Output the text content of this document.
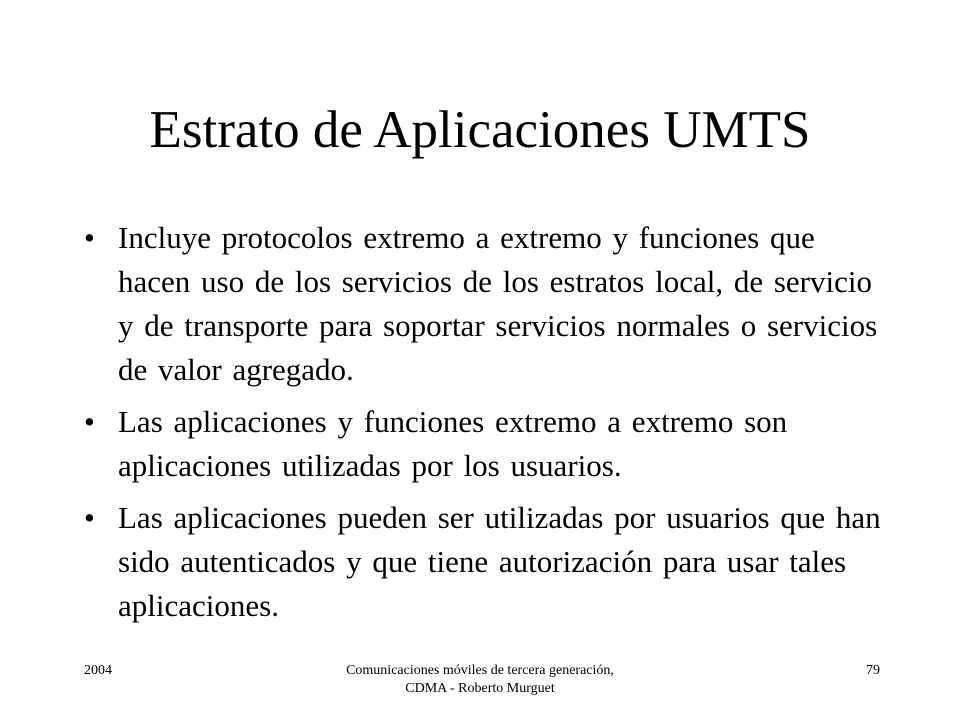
Estrato de Aplicaciones UMTS
• Incluye protocolos extremo a extremo y funciones que hacen uso de los servicios de los estratos local, de servicio y de transporte para soportar servicios normales o servicios de valor agregado.
• Las aplicaciones y funciones extremo a extremo son aplicaciones utilizadas por los usuarios.
• Las aplicaciones pueden ser utilizadas por usuarios que han sido autenticados y que tiene autorización para usar tales aplicaciones.
2004	Comunicaciones móviles de tercera generación, CDMA - Roberto Murguet
79
